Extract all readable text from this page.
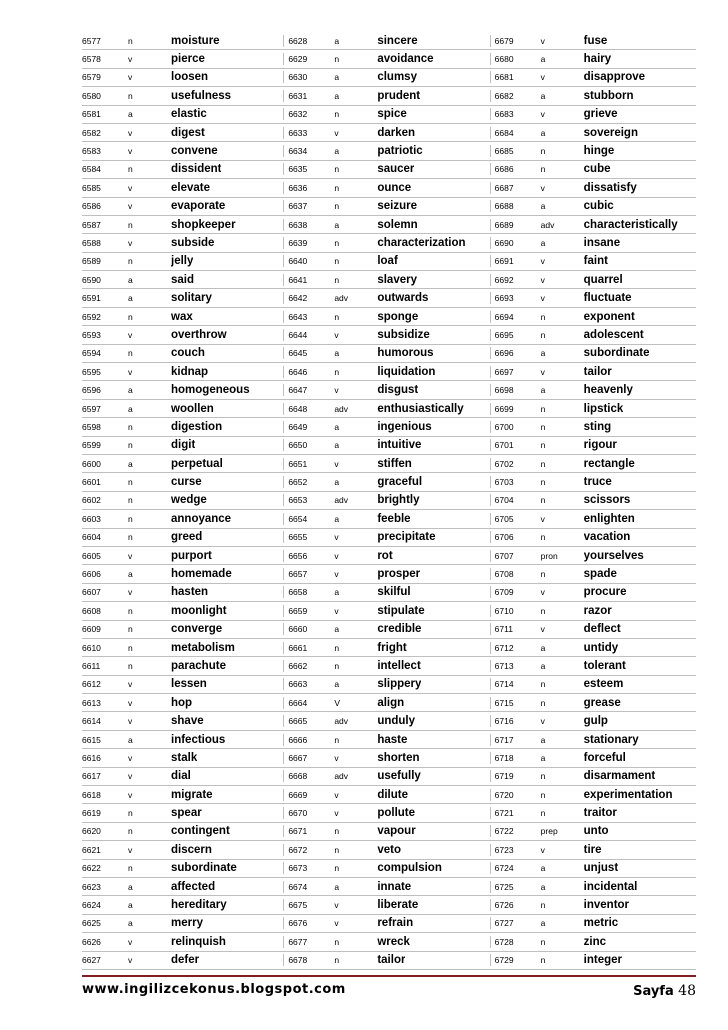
6577	n	moisture	6628	a	sincere	6679	v	fuse
6578	v	pierce	6629	n	avoidance	6680	a	hairy
6579	v	loosen	6630	a	clumsy	6681	v	disapprove
6580	n	usefulness	6631	a	prudent	6682	a	stubborn
6581	a	elastic	6632	n	spice	6683	v	grieve
6582	v	digest	6633	v	darken	6684	a	sovereign
6583	v	convene	6634	a	patriotic	6685	n	hinge
6584	n	dissident	6635	n	saucer	6686	n	cube
6585	v	elevate	6636	n	ounce	6687	v	dissatisfy
6586	v	evaporate	6637	n	seizure	6688	a	cubic
6587	n	shopkeeper	6638	a	solemn	6689	adv	characteristically
6588	v	subside	6639	n	characterization	6690	a	insane
6589	n	jelly	6640	n	loaf	6691	v	faint
6590	a	said	6641	n	slavery	6692	v	quarrel
6591	a	solitary	6642	adv	outwards	6693	v	fluctuate
6592	n	wax	6643	n	sponge	6694	n	exponent
6593	v	overthrow	6644	v	subsidize	6695	n	adolescent
6594	n	couch	6645	a	humorous	6696	a	subordinate
6595	v	kidnap	6646	n	liquidation	6697	v	tailor
6596	a	homogeneous	6647	v	disgust	6698	a	heavenly
6597	a	woollen	6648	adv	enthusiastically	6699	n	lipstick
6598	n	digestion	6649	a	ingenious	6700	n	sting
6599	n	digit	6650	a	intuitive	6701	n	rigour
6600	a	perpetual	6651	v	stiffen	6702	n	rectangle
6601	n	curse	6652	a	graceful	6703	n	truce
6602	n	wedge	6653	adv	brightly	6704	n	scissors
6603	n	annoyance	6654	a	feeble	6705	v	enlighten
6604	n	greed	6655	v	precipitate	6706	n	vacation
6605	v	purport	6656	v	rot	6707	pron	yourselves
6606	a	homemade	6657	v	prosper	6708	n	spade
6607	v	hasten	6658	a	skilful	6709	v	procure
6608	n	moonlight	6659	v	stipulate	6710	n	razor
6609	n	converge	6660	a	credible	6711	v	deflect
6610	n	metabolism	6661	n	fright	6712	a	untidy
6611	n	parachute	6662	n	intellect	6713	a	tolerant
6612	v	lessen	6663	a	slippery	6714	n	esteem
6613	v	hop	6664	V	align	6715	n	grease
6614	v	shave	6665	adv	unduly	6716	v	gulp
6615	a	infectious	6666	n	haste	6717	a	stationary
6616	v	stalk	6667	v	shorten	6718	a	forceful
6617	v	dial	6668	adv	usefully	6719	n	disarmament
6618	v	migrate	6669	v	dilute	6720	n	experimentation
6619	n	spear	6670	v	pollute	6721	n	traitor
6620	n	contingent	6671	n	vapour	6722	prep	unto
6621	v	discern	6672	n	veto	6723	v	tire
6622	n	subordinate	6673	n	compulsion	6724	a	unjust
6623	a	affected	6674	a	innate	6725	a	incidental
6624	a	hereditary	6675	v	liberate	6726	n	inventor
6625	a	merry	6676	v	refrain	6727	a	metric
6626	v	relinquish	6677	n	wreck	6728	n	zinc
6627	v	defer	6678	n	tailor	6729	n	integer
www.ingilizcekonus.blogspot.com	Sayfa 48
